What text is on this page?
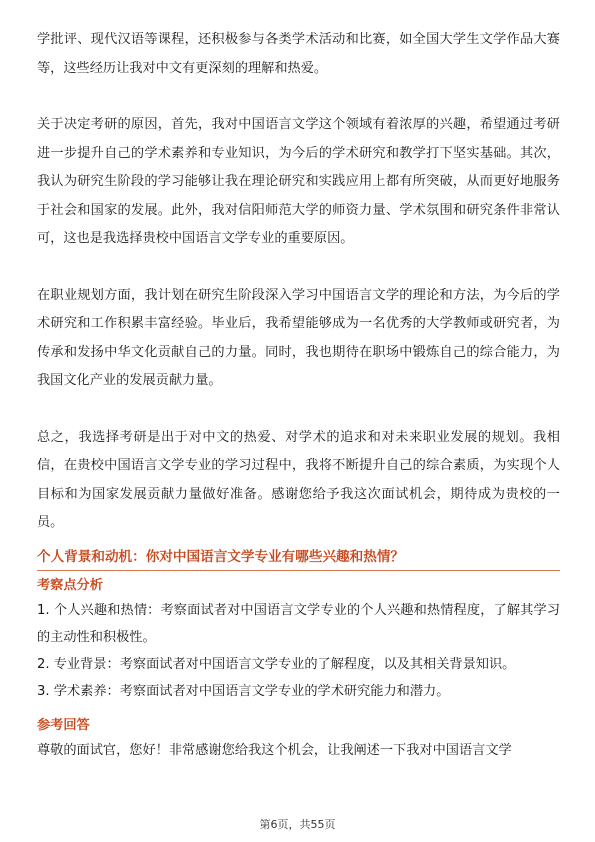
学批评、现代汉语等课程，还积极参与各类学术活动和比赛，如全国大学生文学作品大赛等，这些经历让我对中文有更深刻的理解和热爱。

关于决定考研的原因，首先，我对中国语言文学这个领域有着浓厚的兴趣，希望通过考研进一步提升自己的学术素养和专业知识，为今后的学术研究和教学打下坚实基础。其次，我认为研究生阶段的学习能够让我在理论研究和实践应用上都有所突破，从而更好地服务于社会和国家的发展。此外，我对信阳师范大学的师资力量、学术氛围和研究条件非常认可，这也是我选择贵校中国语言文学专业的重要原因。

在职业规划方面，我计划在研究生阶段深入学习中国语言文学的理论和方法，为今后的学术研究和工作积累丰富经验。毕业后，我希望能够成为一名优秀的大学教师或研究者，为传承和发扬中华文化贡献自己的力量。同时，我也期待在职场中锻炼自己的综合能力，为我国文化产业的发展贡献力量。

总之，我选择考研是出于对中文的热爱、对学术的追求和对未来职业发展的规划。我相信，在贵校中国语言文学专业的学习过程中，我将不断提升自己的综合素质，为实现个人目标和为国家发展贡献力量做好准备。感谢您给予我这次面试机会，期待成为贵校的一员。

个人背景和动机：你对中国语言文学专业有哪些兴趣和热情？
考察点分析

1. 个人兴趣和热情：考察面试者对中国语言文学专业的个人兴趣和热情程度，了解其学习的主动性和积极性。

2. 专业背景：考察面试者对中国语言文学专业的了解程度，以及其相关背景知识。

3. 学术素养：考察面试者对中国语言文学专业的学术研究能力和潜力。

参考回答

尊敬的面试官，您好！非常感谢您给我这个机会，让我阐述一下我对中国语言文学

第6页，共55页
